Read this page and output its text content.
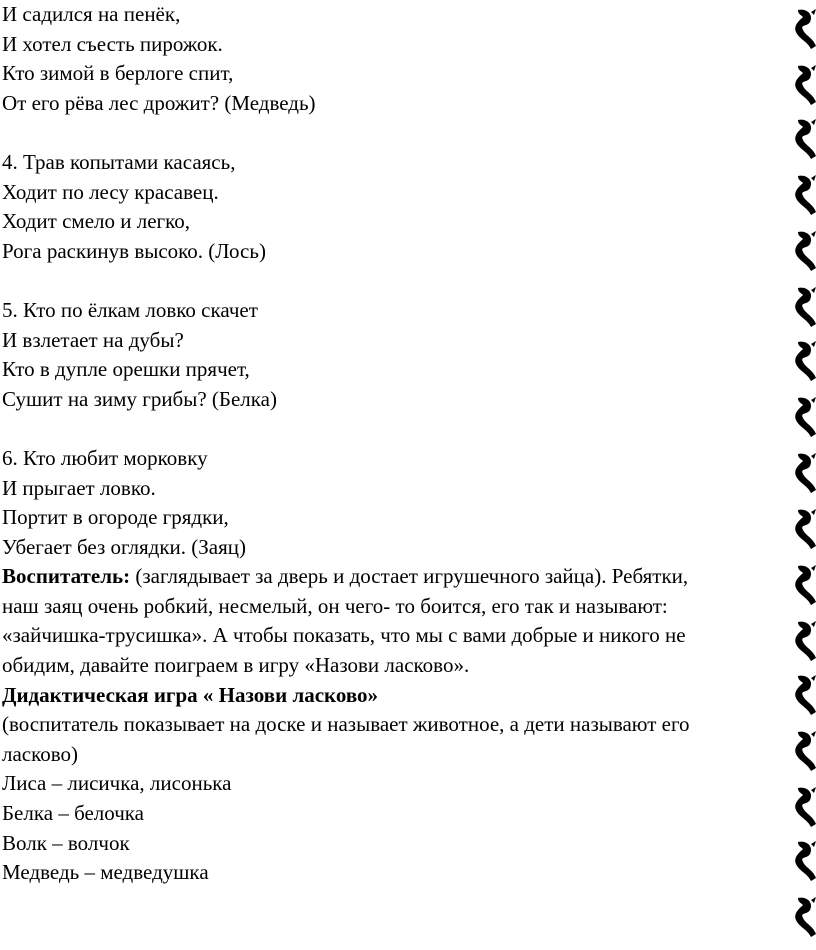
И садился на пенёк,
И хотел съесть пирожок.
Кто зимой в берлоге спит,
От его рёва лес дрожит? (Медведь)
4. Трав копытами касаясь,
Ходит по лесу красавец.
Ходит смело и легко,
Рога раскинув высоко. (Лось)
5. Кто по ёлкам ловко скачет
И взлетает на дубы?
Кто в дупле орешки прячет,
Сушит на зиму грибы? (Белка)
6. Кто любит морковку
И прыгает ловко.
Портит в огороде грядки,
Убегает без оглядки. (Заяц)
Воспитатель: (заглядывает за дверь и достает игрушечного зайца). Ребятки,
наш заяц очень робкий, несмелый, он чего- то боится, его так и называют:
«зайчишка-трусишка». А чтобы показать, что мы с вами добрые и никого не
обидим, давайте поиграем в игру «Назови ласково».
Дидактическая игра « Назови ласково»
(воспитатель показывает на доске и называет животное, а дети называют его
ласково)
Лиса – лисичка, лисонька
Белка – белочка
Волк – волчок
Медведь – медведушка
